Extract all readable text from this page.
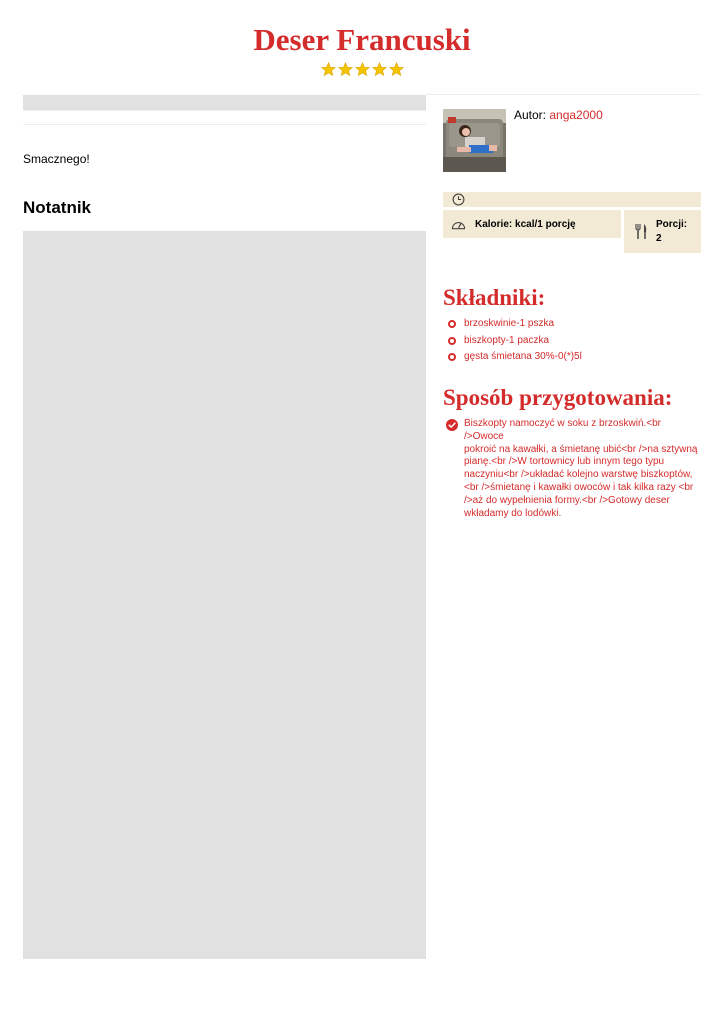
Deser Francuski

Smacznego!

Notatnik

Autor: anga2000

Kalorie: kcal/1 porcję	Porcji:
2
Składniki:
brzoskwinie-1 pszka
biszkopty-1 paczka
gęsta śmietana 30%-0(*)5l
Sposób przygotowania:

Biszkopty namoczyć w soku z brzoskwiń.<br />Owoce
pokroić na kawałki, a śmietanę ubić<br />na sztywną
pianę.<br />W tortownicy lub innym tego typu
naczyniu<br />układać kolejno warstwę biszkoptów,
<br />śmietanę i kawałki owoców i tak kilka razy <br
/>aż do wypełnienia formy.<br />Gotowy deser
wkładamy do lodówki.
